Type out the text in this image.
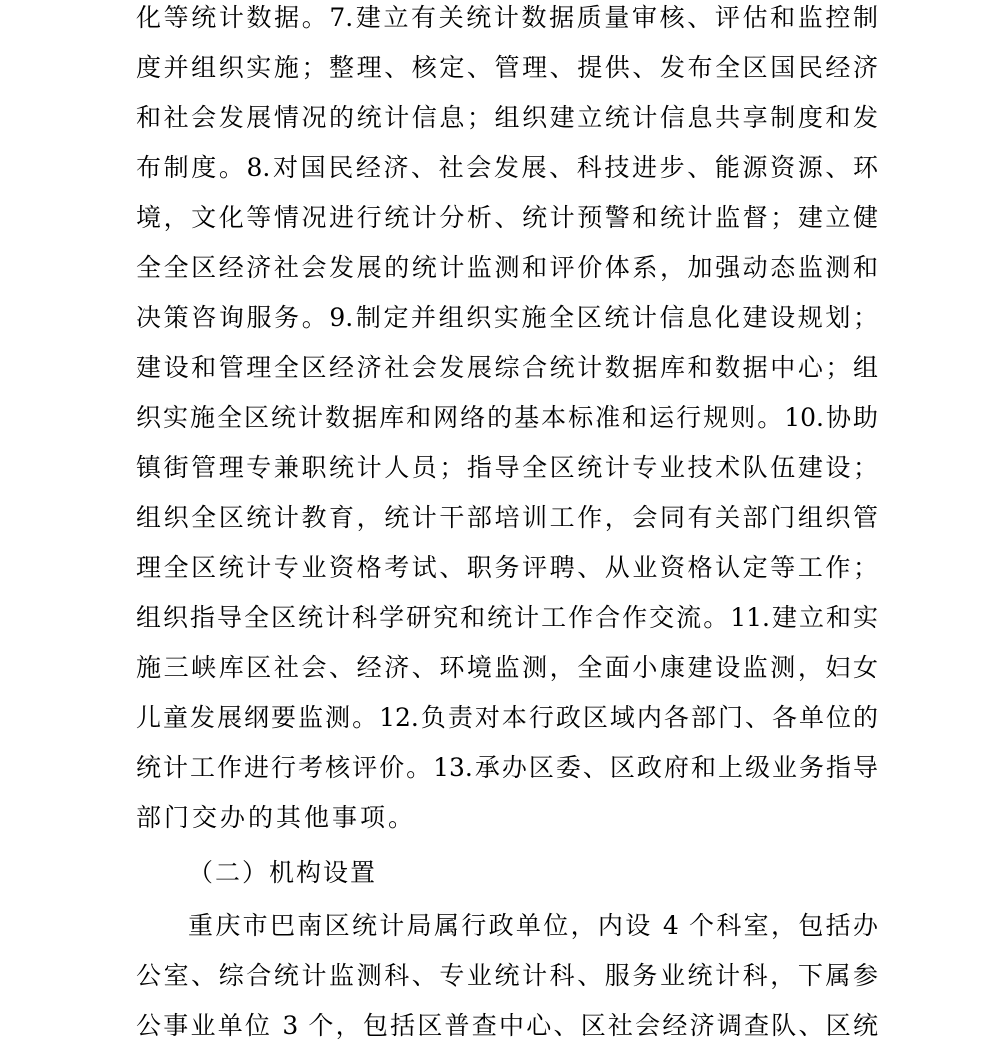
化等统计数据。7.建立有关统计数据质量审核、评估和监控制
度并组织实施；整理、核定、管理、提供、发布全区国民经济
和社会发展情况的统计信息；组织建立统计信息共享制度和发
布制度。8.对国民经济、社会发展、科技进步、能源资源、环
境，文化等情况进行统计分析、统计预警和统计监督；建立健
全全区经济社会发展的统计监测和评价体系，加强动态监测和
决策咨询服务。9.制定并组织实施全区统计信息化建设规划；
建设和管理全区经济社会发展综合统计数据库和数据中心；组
织实施全区统计数据库和网络的基本标准和运行规则。10.协助
镇街管理专兼职统计人员；指导全区统计专业技术队伍建设；
组织全区统计教育，统计干部培训工作，会同有关部门组织管
理全区统计专业资格考试、职务评聘、从业资格认定等工作；
组织指导全区统计科学研究和统计工作合作交流。11.建立和实
施三峡库区社会、经济、环境监测，全面小康建设监测，妇女
儿童发展纲要监测。12.负责对本行政区域内各部门、各单位的
统计工作进行考核评价。13.承办区委、区政府和上级业务指导
部门交办的其他事项。
（二）机构设置
重庆市巴南区统计局属行政单位，内设 4 个科室，包括办
公室、综合统计监测科、专业统计科、服务业统计科，下属参
公事业单位 3 个，包括区普查中心、区社会经济调查队、区统
